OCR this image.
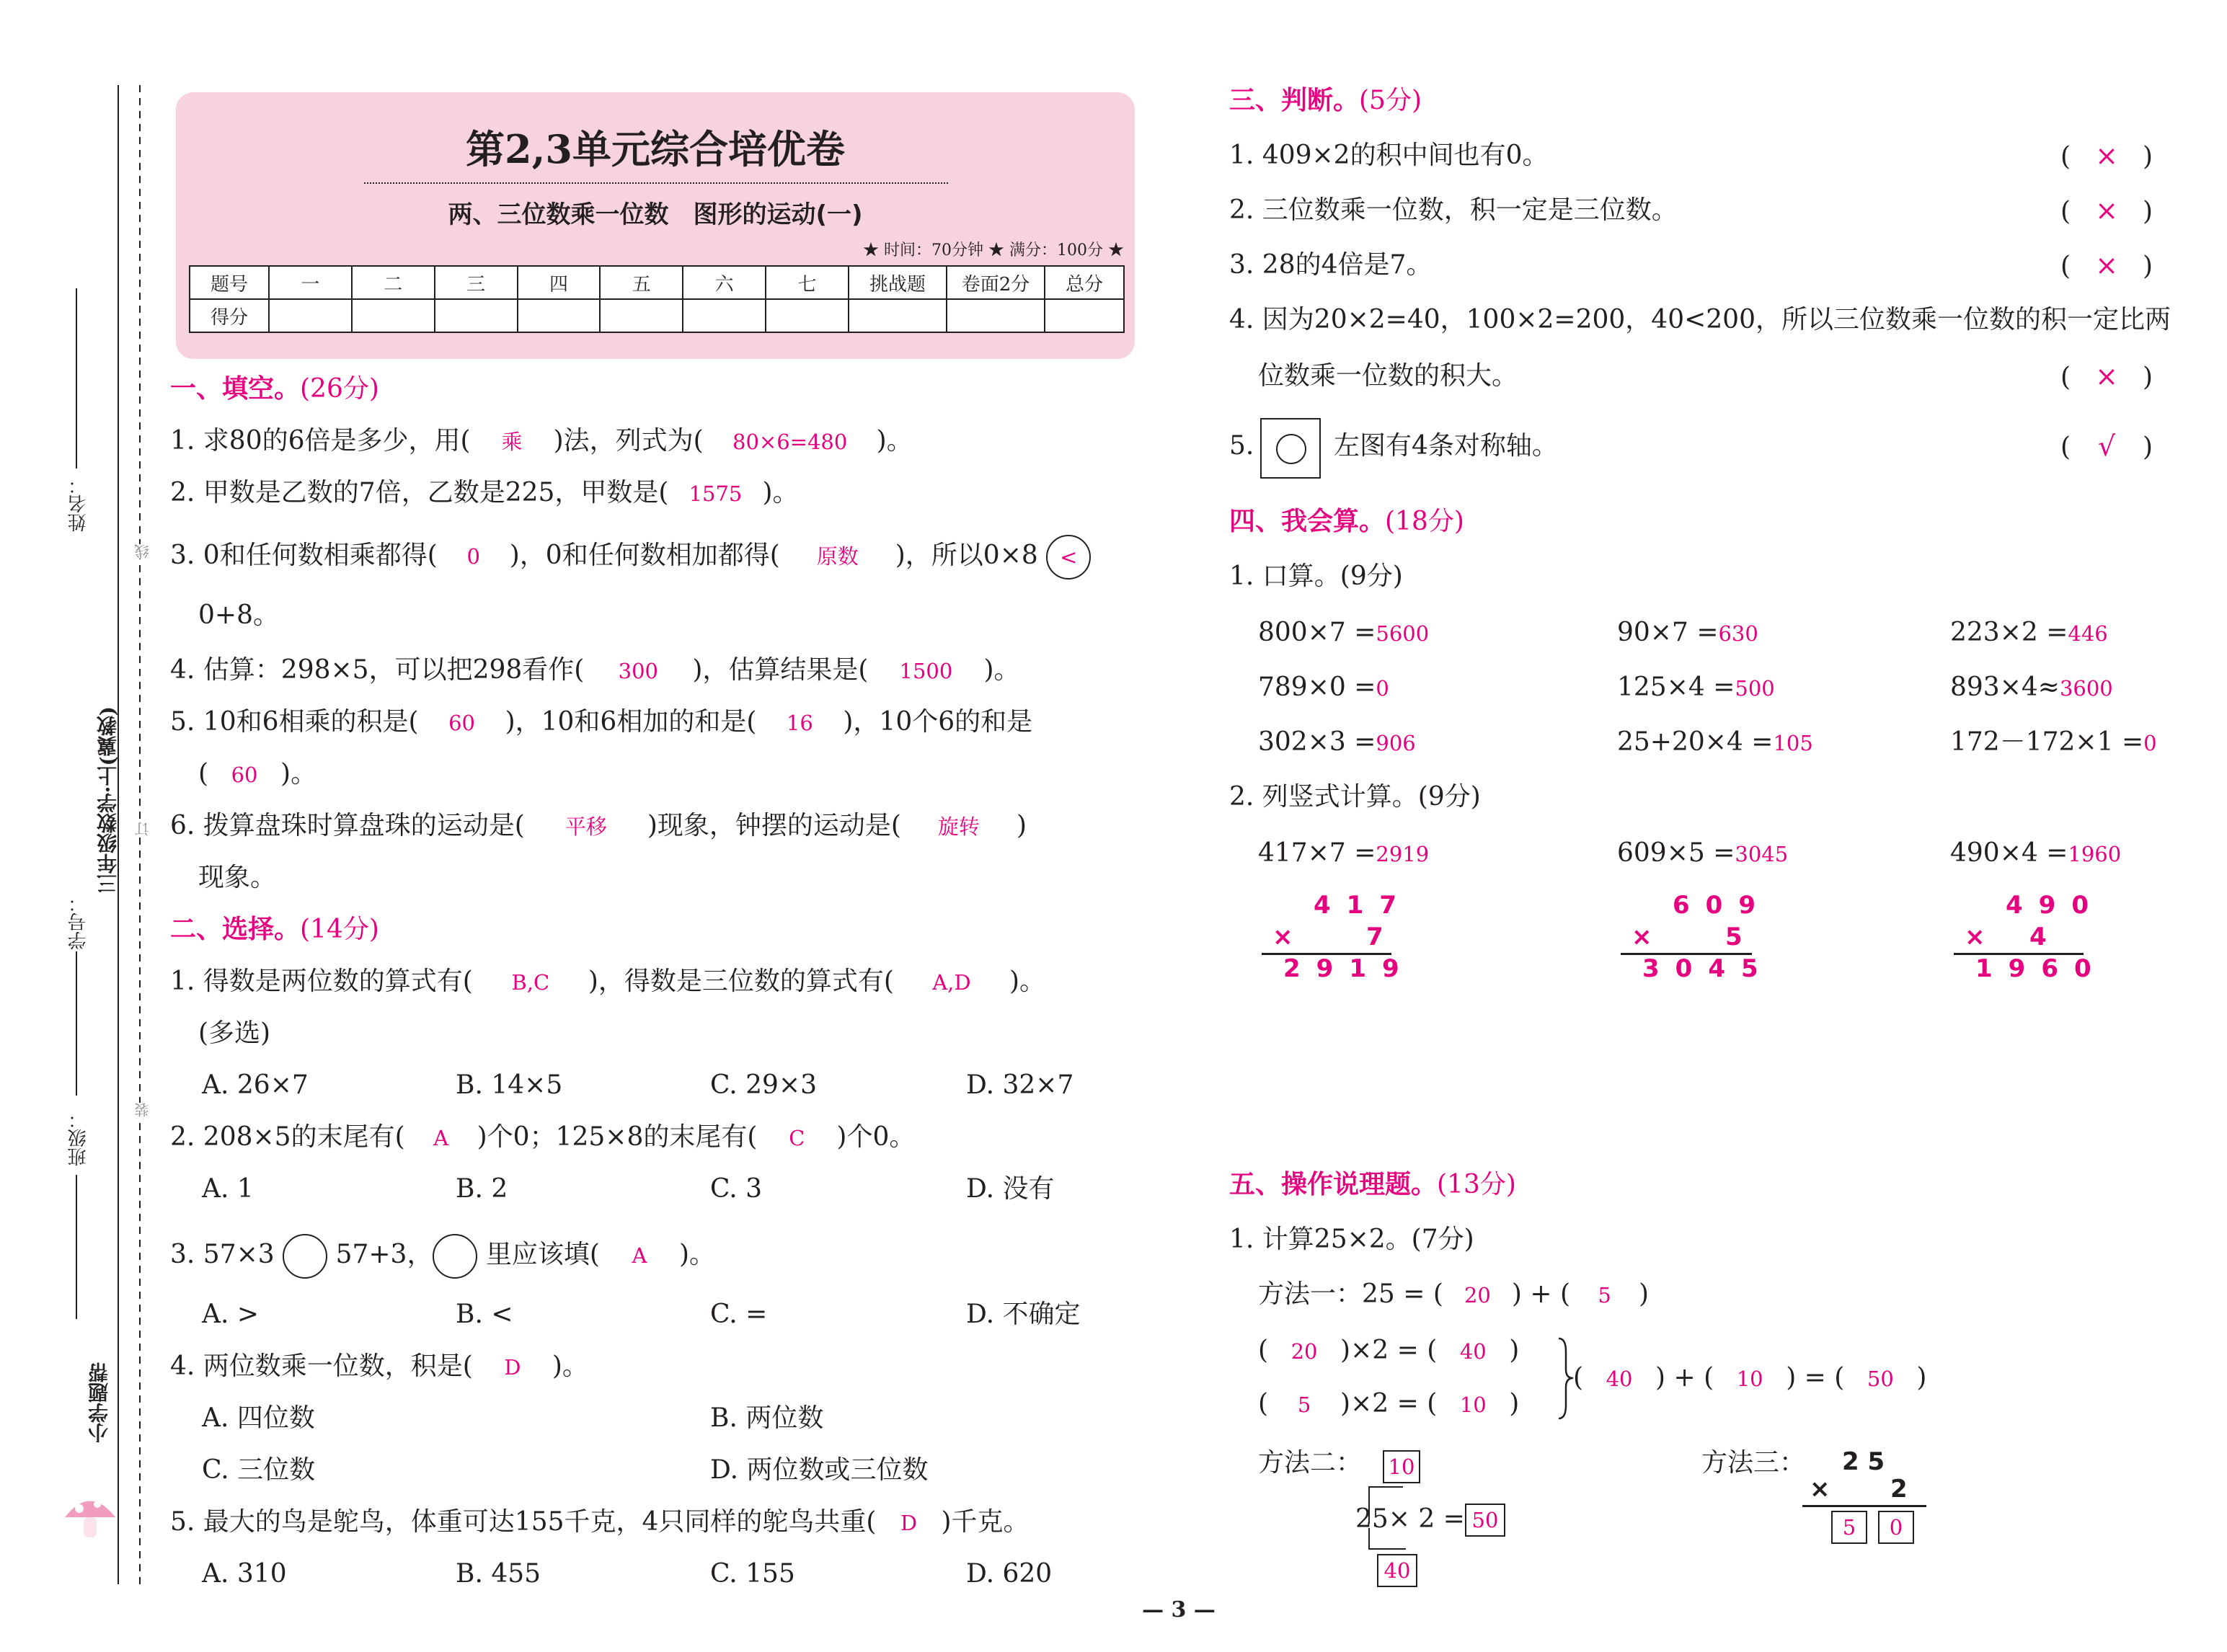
姓名：
学号：
三年级数学·上(冀教)
班级：
线
订
装
小学题帮
第2,3单元综合培优卷
两、三位数乘一位数　图形的运动(一)
★ 时间：70分钟 ★ 满分：100分 ★
题号	一	二	三	四	五	六	七	挑战题	卷面2分	总分
得分										
一、填空。(26分)
1. 求80的6倍是多少，用( 乘 )法，列式为( 80×6=480 )。
2. 甲数是乙数的7倍，乙数是225，甲数是( 1575 )。
3. 0和任何数相乘都得( 0 )，0和任何数相加都得( 原数 )，所以0×8 <
0+8。
4. 估算：298×5，可以把298看作( 300 )，估算结果是( 1500 )。
5. 10和6相乘的积是( 60 )，10和6相加的和是( 16 )，10个6的和是
( 60 )。
6. 拨算盘珠时算盘珠的运动是( 平移 )现象，钟摆的运动是( 旋转 )
现象。
二、选择。(14分)
1. 得数是两位数的算式有( B,C )，得数是三位数的算式有( A,D )。
(多选)
A. 26×7	B. 14×5	C. 29×3	D. 32×7
2. 208×5的末尾有( A )个0；125×8的末尾有( C )个0。
A. 1	B. 2	C. 3	D. 没有
3. 57×3 57+3， 里应该填( A )。
A. >	B. <	C. =	D. 不确定
4. 两位数乘一位数，积是( D )。
A. 四位数	B. 两位数
C. 三位数	D. 两位数或三位数
5. 最大的鸟是鸵鸟，体重可达155千克，4只同样的鸵鸟共重( D )千克。
A. 310	B. 455	C. 155	D. 620
三、判断。(5分)
1. 409×2的积中间也有0。
2. 三位数乘一位数，积一定是三位数。
3. 28的4倍是7。
4. 因为20×2=40，100×2=200，40<200，所以三位数乘一位数的积一定比两
位数乘一位数的积大。
5.	左图有4条对称轴。
( × )
( × )
( × )
( × )
( √ )
四、我会算。(18分)
1. 口算。(9分)
800×7 =5600	90×7 =630	223×2 =446
789×0 =0	125×4 =500	893×4≈3600
302×3 =906	25+20×4 =105	172－172×1 =0
2. 列竖式计算。(9分)
417×7 =2919	609×5 =3045	490×4 =1960
417
× 7
2919
609
× 5
3045
490
× 4
1960
五、操作说理题。(13分)
1. 计算25×2。(7分)
方法一：25 = ( 20 ) + ( 5 )
( 20 )×2 = ( 40 )
( 5 )×2 = ( 10 )
( 40 ) + ( 10 ) = ( 50 )
方法二： 10
25× 2 = 50
40
方法三： 2 5
× 2
5	0
— 3 —
